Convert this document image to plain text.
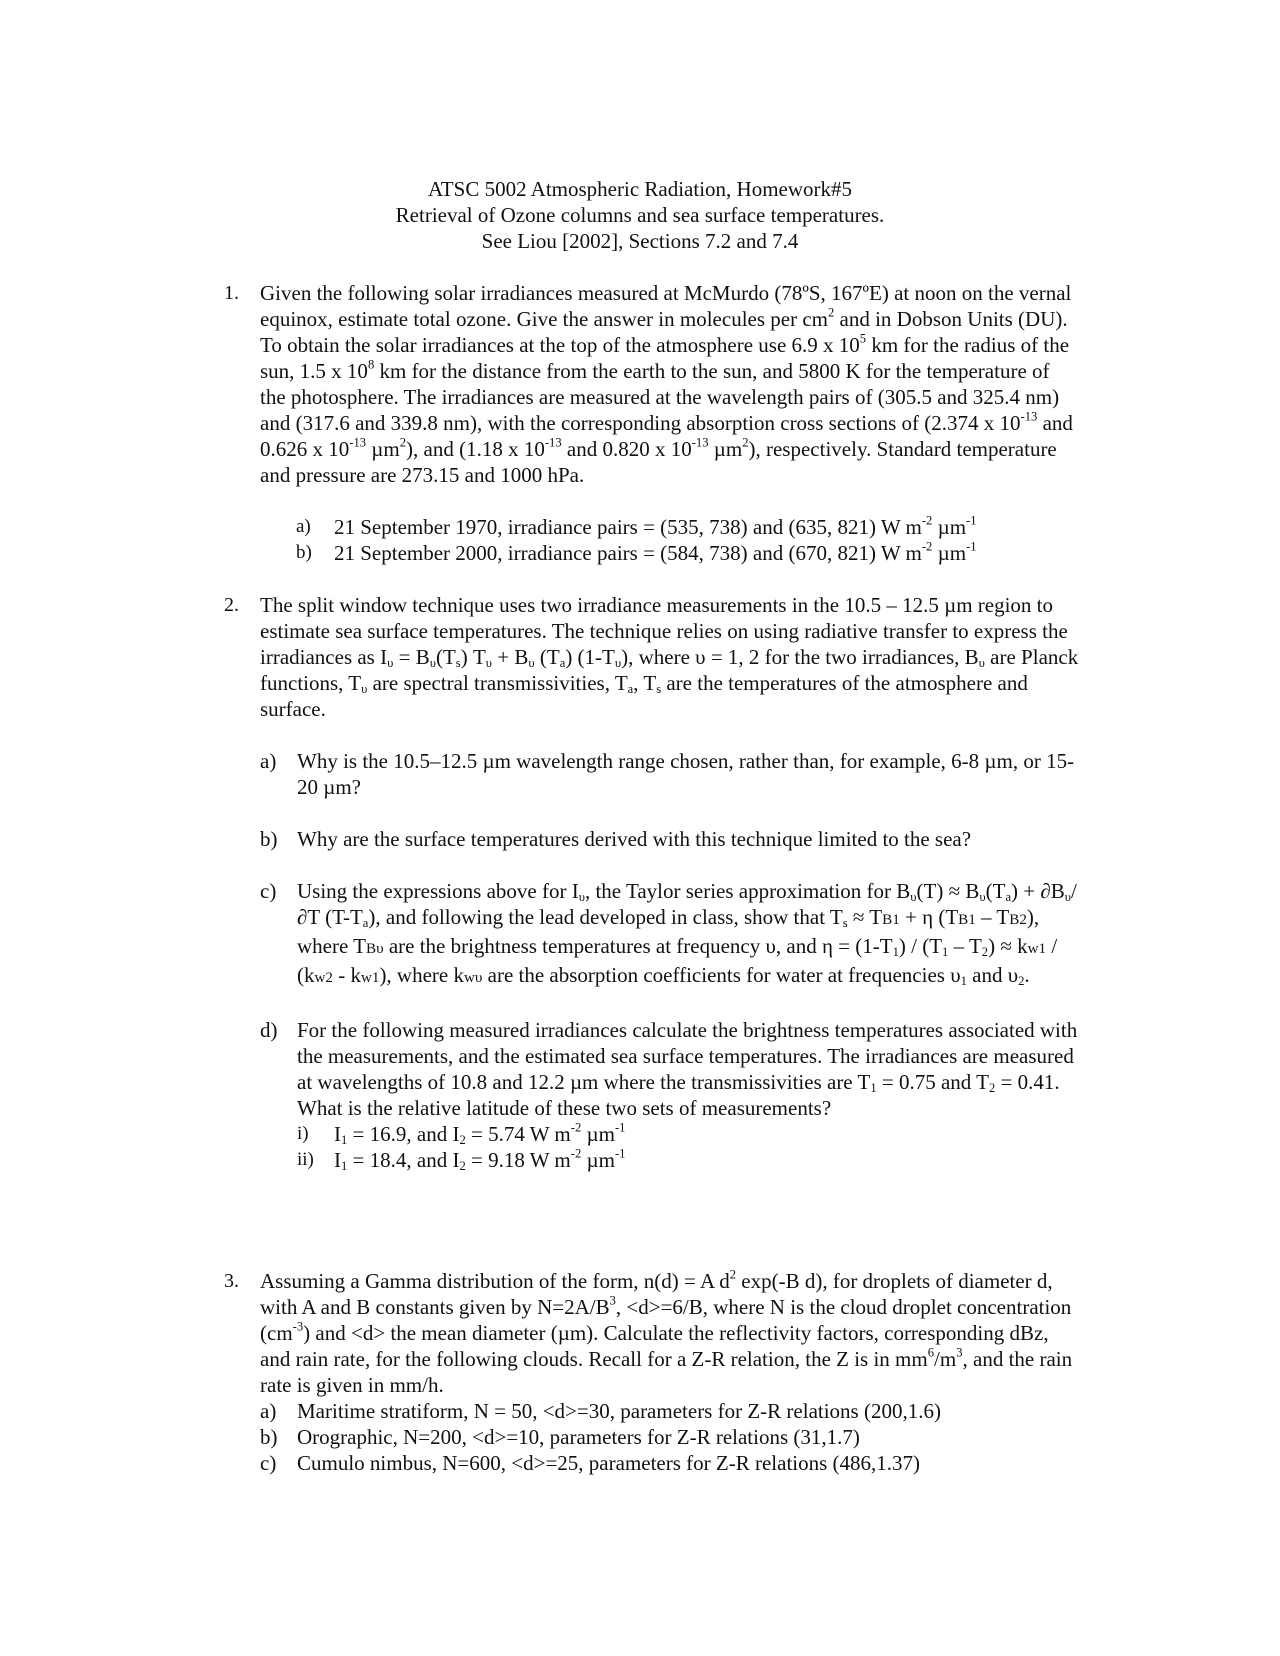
ATSC 5002 Atmospheric Radiation, Homework#5
Retrieval of Ozone columns and sea surface temperatures.
See Liou [2002], Sections 7.2 and 7.4
1. Given the following solar irradiances measured at McMurdo (78ºS, 167ºE) at noon on the vernal equinox, estimate total ozone. Give the answer in molecules per $cm^2$ and in Dobson Units (DU). To obtain the solar irradiances at the top of the atmosphere use 6.9 x $10^5$ km for the radius of the sun, 1.5 x $10^8$ km for the distance from the earth to the sun, and 5800 K for the temperature of the photosphere. The irradiances are measured at the wavelength pairs of (305.5 and 325.4 nm) and (317.6 and 339.8 nm), with the corresponding absorption cross sections of (2.374 x $10^{-13}$ and 0.626 x $10^{-13}$ µm$^2$), and (1.18 x $10^{-13}$ and 0.820 x $10^{-13}$ µm$^2$), respectively. Standard temperature and pressure are 273.15 and 1000 hPa.

a)	21 September 1970, irradiance pairs = (535, 738) and (635, 821) W $m^{-2}$ µm$^{-1}$
b)	21 September 2000, irradiance pairs = (584, 738) and (670, 821) W $m^{-2}$ µm$^{-1}$
2. The split window technique uses two irradiance measurements in the 10.5 – 12.5 µm region to estimate sea surface temperatures. The technique relies on using radiative transfer to express the irradiances as $I_\upsilon = B_\upsilon(T_s) T_\upsilon + B_\upsilon$ $(T_a)$ $(1-T_\upsilon)$, where υ = 1, 2 for the two irradiances, $B_\upsilon$ are Planck functions, $T_\upsilon$ are spectral transmissivities, $T_a$, $T_s$ are the temperatures of the atmosphere and surface.

a) Why is the 10.5–12.5 µm wavelength range chosen, rather than, for example, 6-8 µm, or 15-20 µm?
b) Why are the surface temperatures derived with this technique limited to the sea?
c) Using the expressions above for $I_\upsilon$, the Taylor series approximation for $B_\upsilon(T) \approx B_\upsilon(T_a) + \partial B_\upsilon/\partial T$ $(T-T_a)$, and following the lead developed in class, show that $T_s \approx TB1 + \eta$ (TB1 – TB2), where TBυ are the brightness temperatures at frequency υ, and $\eta = (1-T_1) / (T_1 - T_2) \approx kw1 / (kw2 - kw1)$, where kwυ are the absorption coefficients for water at frequencies $\upsilon_1$ and $\upsilon_2$.
d) For the following measured irradiances calculate the brightness temperatures associated with the measurements, and the estimated sea surface temperatures. The irradiances are measured at wavelengths of 10.8 and 12.2 µm where the transmissivities are $T_1 = 0.75$ and $T_2 = 0.41$. What is the relative latitude of these two sets of measurements?
i)	$I_1 = 16.9$, and $I_2 = 5.74$ W $m^{-2}$ µm$^{-1}$
ii) $I_1 = 18.4$, and $I_2 = 9.18$ W $m^{-2}$ µm$^{-1}$
3. Assuming a Gamma distribution of the form, n(d) = A $d^2$ exp(-B d), for droplets of diameter d, with A and B constants given by $N=2A/B^3$, <d>=6/B, where N is the cloud droplet concentration $(cm^{-3})$ and <d> the mean diameter (µm). Calculate the reflectivity factors, corresponding dBz, and rain rate, for the following clouds. Recall for a Z-R relation, the Z is in $mm^6/m^3$, and the rain rate is given in mm/h.

a) Maritime stratiform, N = 50, <d>=30, parameters for Z-R relations (200,1.6)
b) Orographic, N=200, <d>=10, parameters for Z-R relations (31,1.7)
c) Cumulo nimbus, N=600, <d>=25, parameters for Z-R relations (486,1.37)
